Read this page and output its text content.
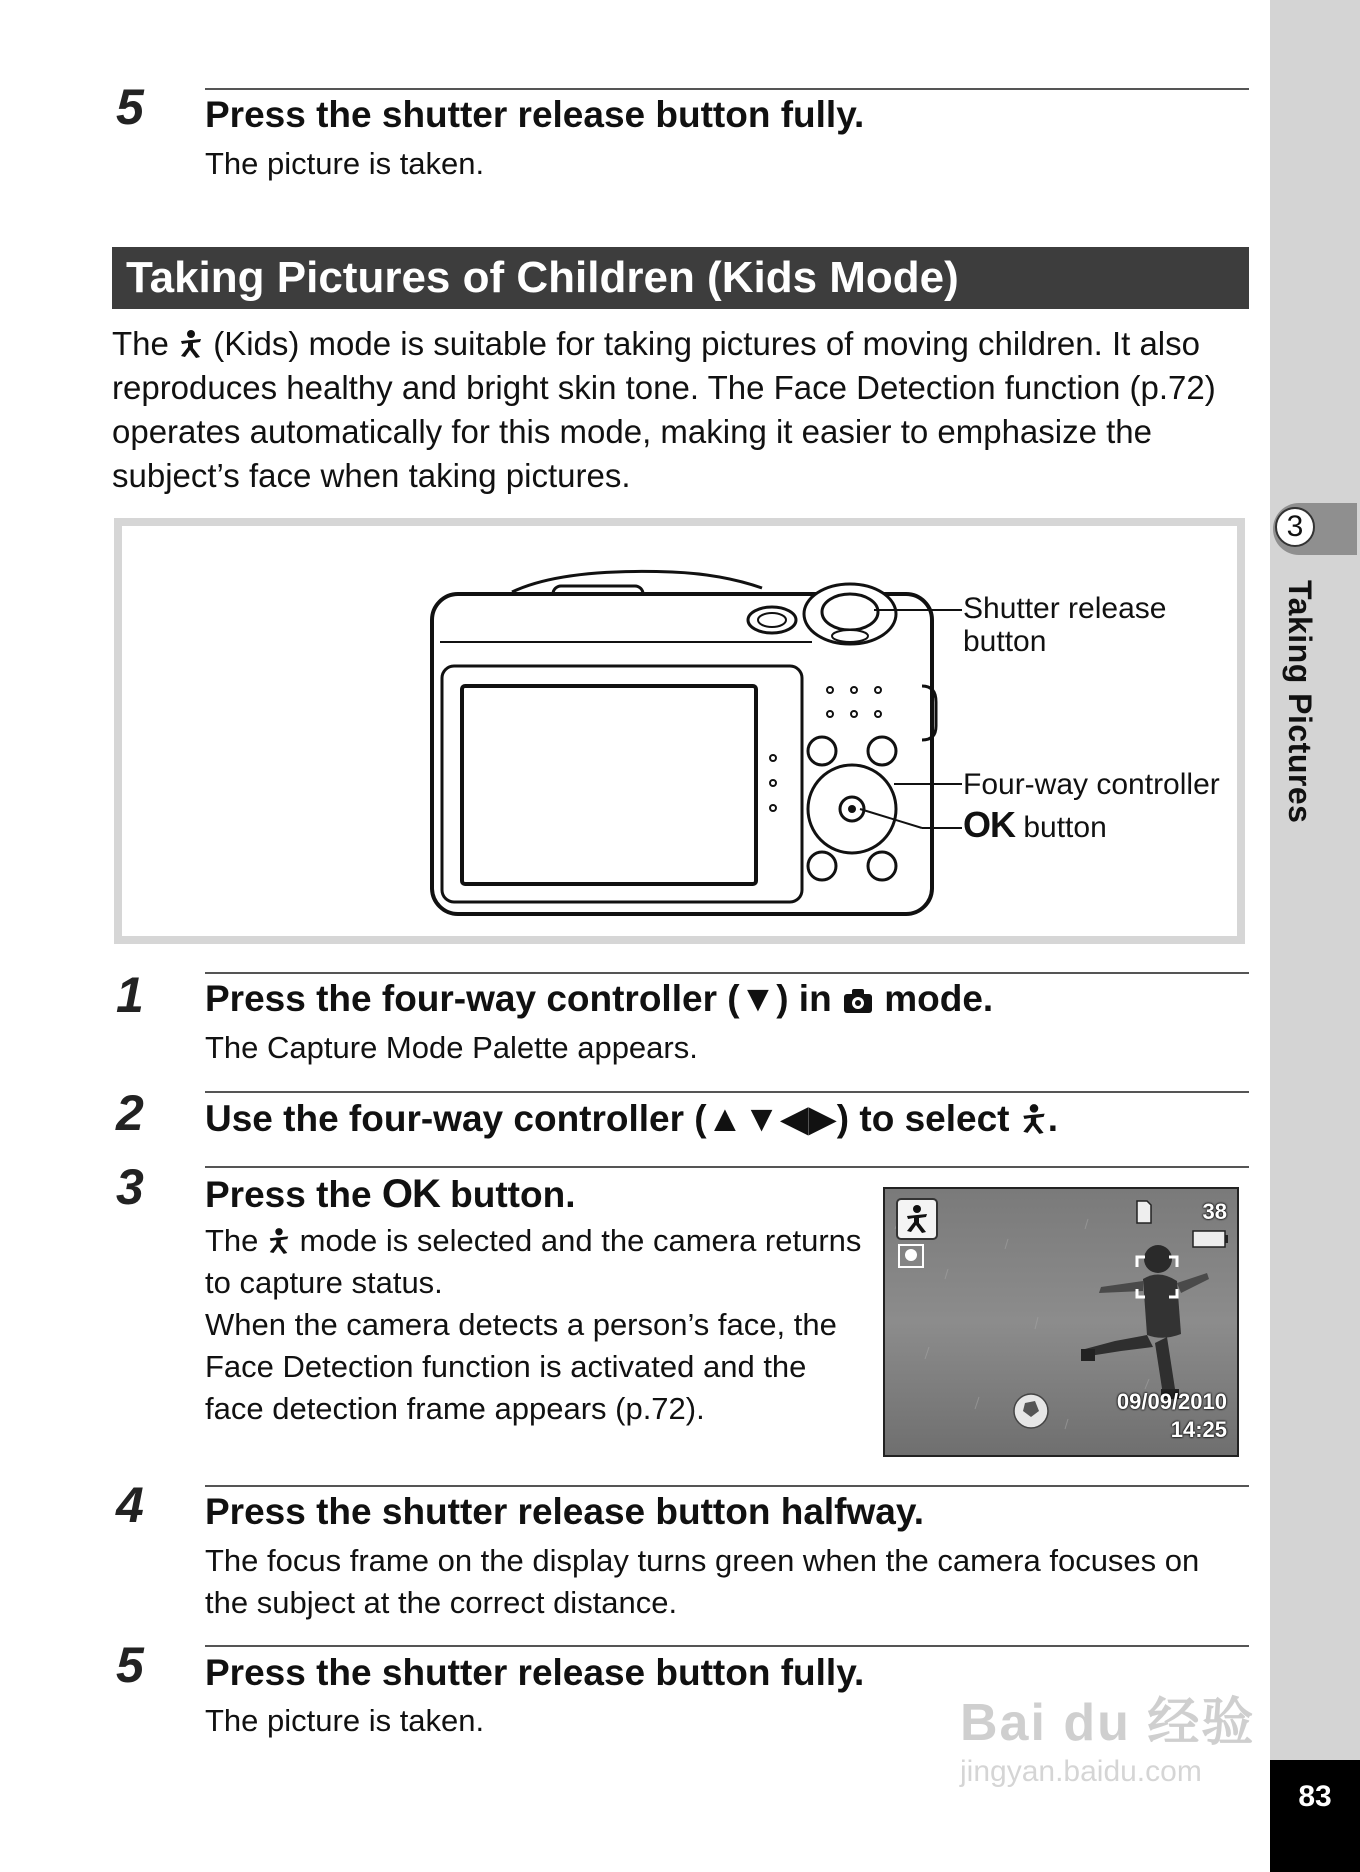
3
Taking Pictures
83
5 Press the shutter release button fully.
The picture is taken.
Taking Pictures of Children (Kids Mode)
The (Kids) mode is suitable for taking pictures of moving children. It also reproduces healthy and bright skin tone. The Face Detection function (p.72) operates automatically for this mode, making it easier to emphasize the subject’s face when taking pictures.
Shutter release
button
Four-way controller
OK button
1 Press the four-way controller (▼) in mode.
The Capture Mode Palette appears.
2 Use the four-way controller (▲▼◀▶) to select .
3 Press the OK button.
The mode is selected and the camera returns to capture status.
When the camera detects a person’s face, the Face Detection function is activated and the face detection frame appears (p.72).
38
09/09/2010
14:25
4 Press the shutter release button halfway.
The focus frame on the display turns green when the camera focuses on the subject at the correct distance.
5 Press the shutter release button fully.
The picture is taken.	Bai du 经验
jingyan.baidu.com
